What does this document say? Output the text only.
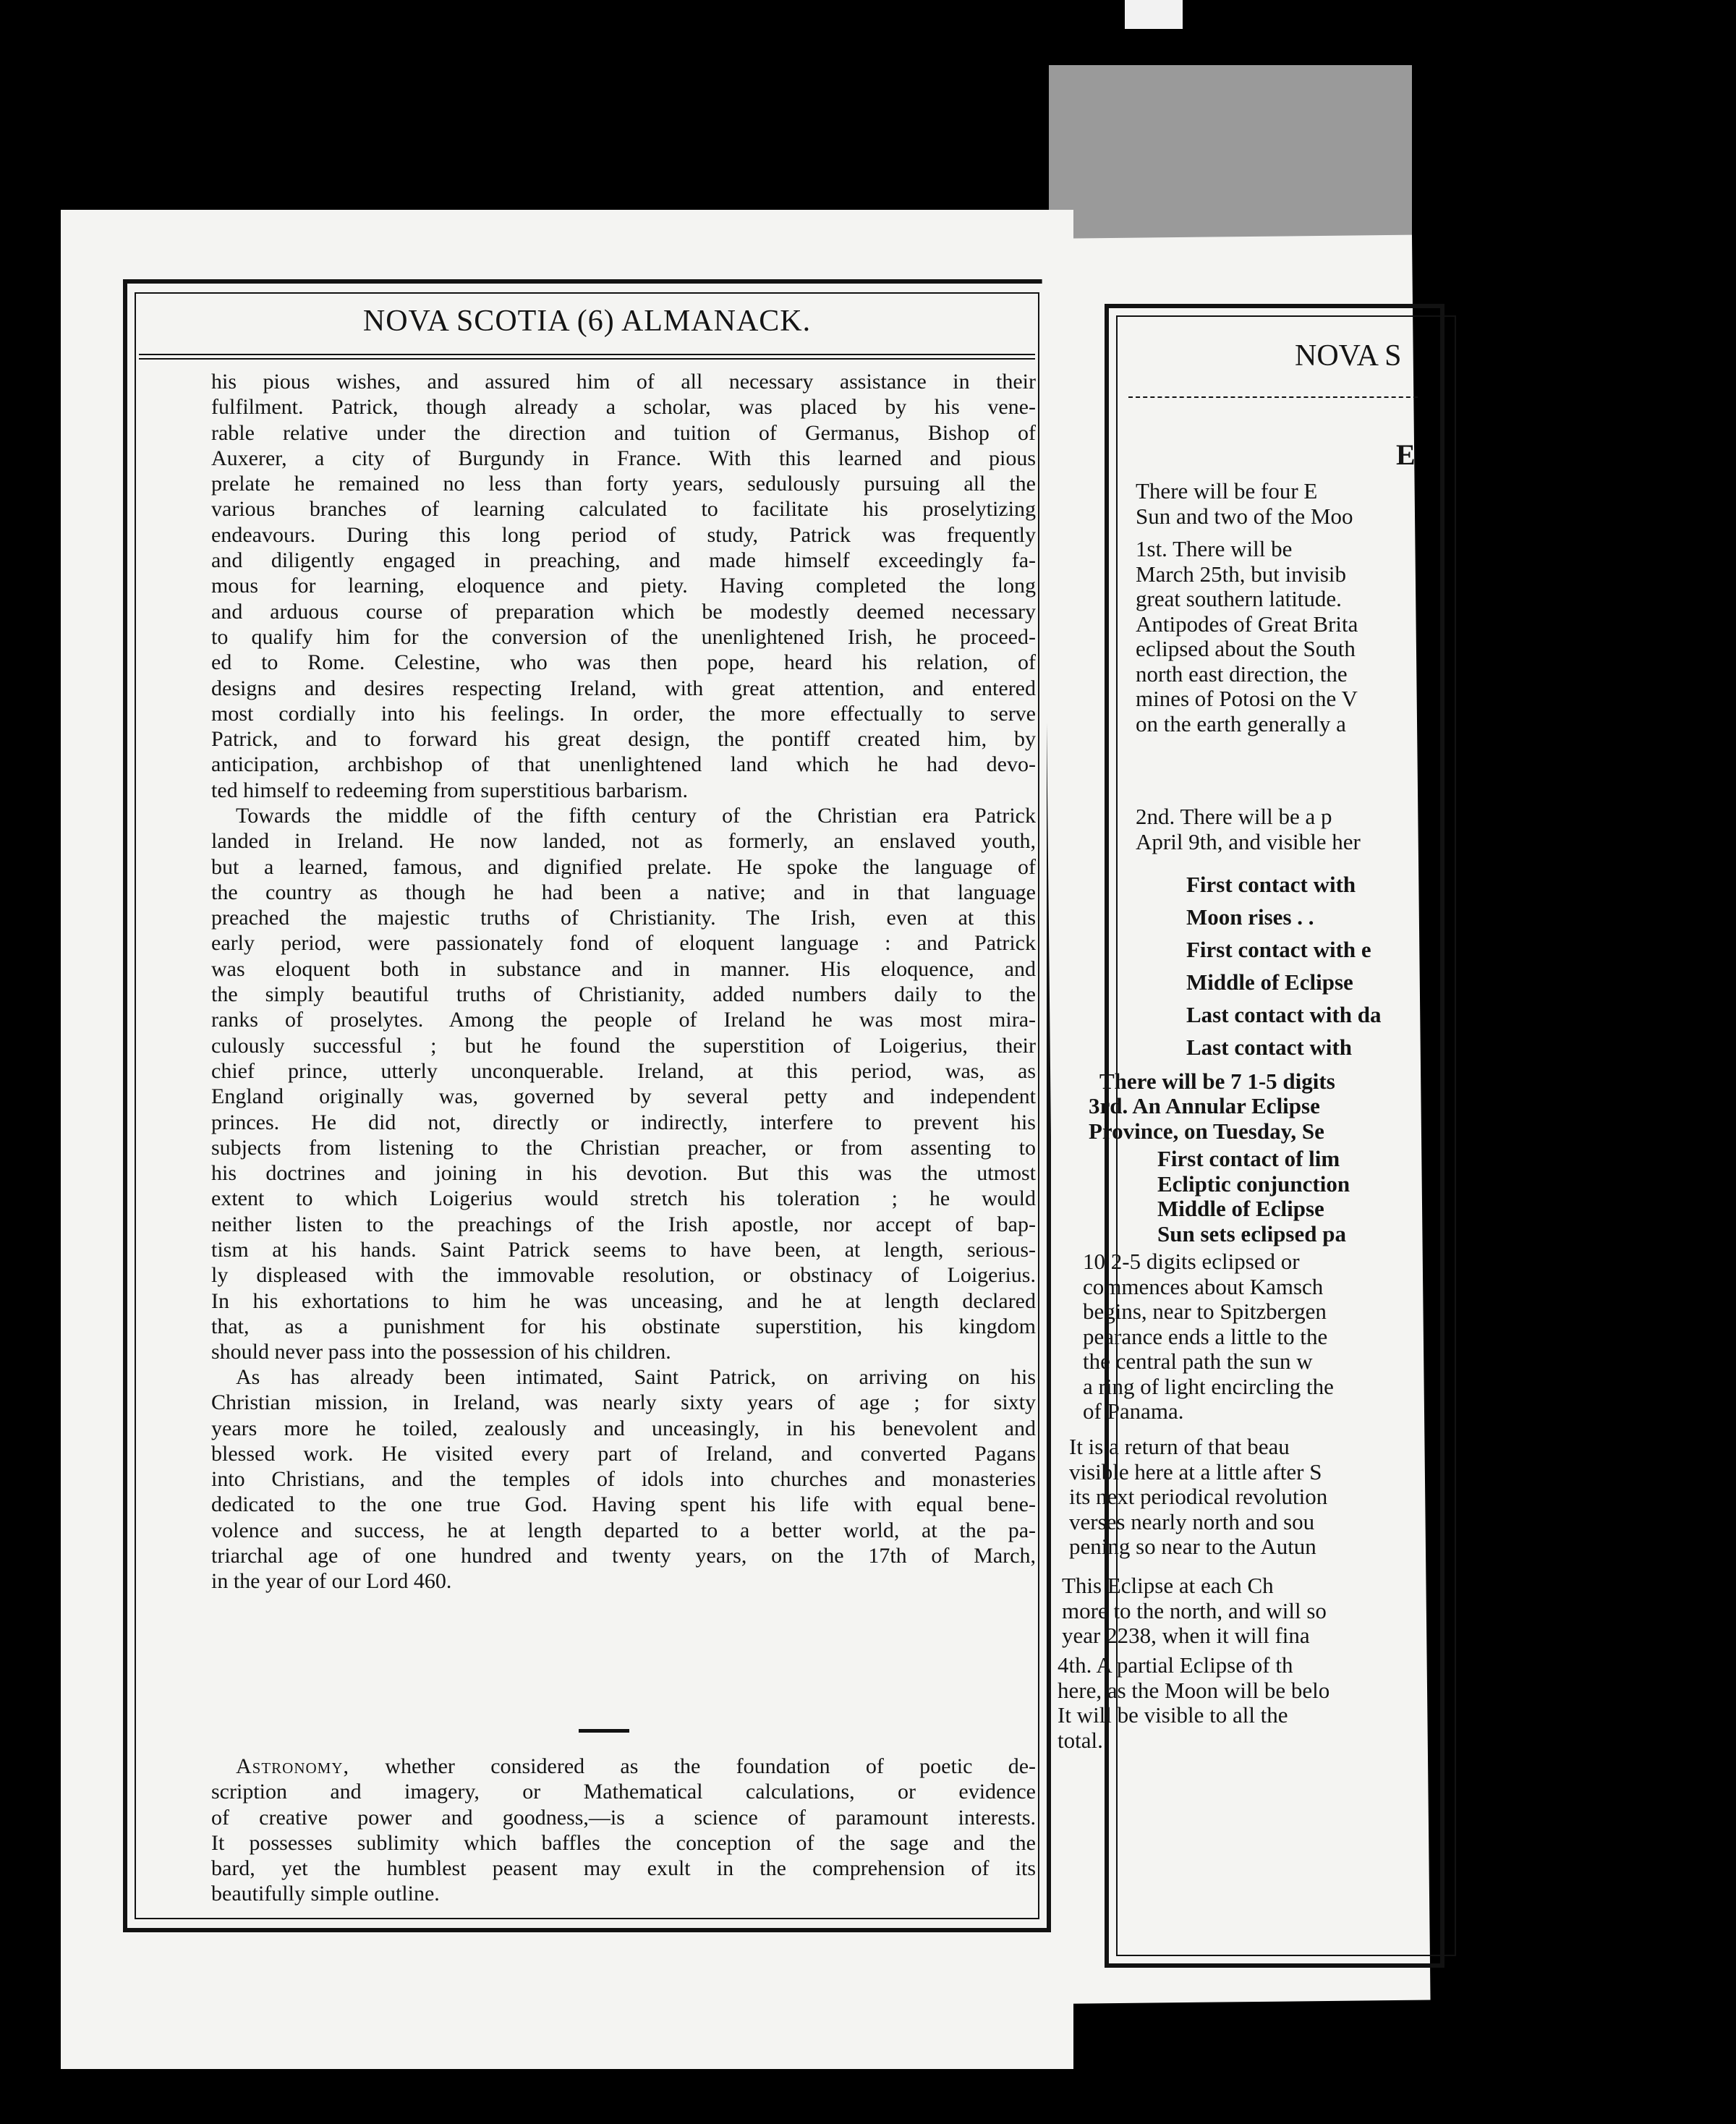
NOVA SCOTIA (6) ALMANACK.
his pious wishes, and assured him of all necessary assistance in their
fulfilment. Patrick, though already a scholar, was placed by his vene-
rable relative under the direction and tuition of Germanus, Bishop of
Auxerer, a city of Burgundy in France. With this learned and pious
prelate he remained no less than forty years, sedulously pursuing all the
various branches of learning calculated to facilitate his proselytizing
endeavours. During this long period of study, Patrick was frequently
and diligently engaged in preaching, and made himself exceedingly fa-
mous for learning, eloquence and piety. Having completed the long
and arduous course of preparation which be modestly deemed necessary
to qualify him for the conversion of the unenlightened Irish, he proceed-
ed to Rome. Celestine, who was then pope, heard his relation, of
designs and desires respecting Ireland, with great attention, and entered
most cordially into his feelings. In order, the more effectually to serve
Patrick, and to forward his great design, the pontiff created him, by
anticipation, archbishop of that unenlightened land which he had devo-
ted himself to redeeming from superstitious barbarism.
Towards the middle of the fifth century of the Christian era Patrick
landed in Ireland. He now landed, not as formerly, an enslaved youth,
but a learned, famous, and dignified prelate. He spoke the language of
the country as though he had been a native; and in that language
preached the majestic truths of Christianity. The Irish, even at this
early period, were passionately fond of eloquent language : and Patrick
was eloquent both in substance and in manner. His eloquence, and
the simply beautiful truths of Christianity, added numbers daily to the
ranks of proselytes. Among the people of Ireland he was most mira-
culously successful ; but he found the superstition of Loigerius, their
chief prince, utterly unconquerable. Ireland, at this period, was, as
England originally was, governed by several petty and independent
princes. He did not, directly or indirectly, interfere to prevent his
subjects from listening to the Christian preacher, or from assenting to
his doctrines and joining in his devotion. But this was the utmost
extent to which Loigerius would stretch his toleration ; he would
neither listen to the preachings of the Irish apostle, nor accept of bap-
tism at his hands. Saint Patrick seems to have been, at length, serious-
ly displeased with the immovable resolution, or obstinacy of Loigerius.
In his exhortations to him he was unceasing, and he at length declared
that, as a punishment for his obstinate superstition, his kingdom
should never pass into the possession of his children.
As has already been intimated, Saint Patrick, on arriving on his
Christian mission, in Ireland, was nearly sixty years of age ; for sixty
years more he toiled, zealously and unceasingly, in his benevolent and
blessed work. He visited every part of Ireland, and converted Pagans
into Christians, and the temples of idols into churches and monasteries
dedicated to the one true God. Having spent his life with equal bene-
volence and success, he at length departed to a better world, at the pa-
triarchal age of one hundred and twenty years, on the 17th of March,
in the year of our Lord 460.
Astronomy, whether considered as the foundation of poetic de-
scription and imagery, or Mathematical calculations, or evidence
of creative power and goodness,—is a science of paramount interests.
It possesses sublimity which baffles the conception of the sage and the
bard, yet the humblest peasent may exult in the comprehension of its
beautifully simple outline.
NOVA S
E
There will be four E
Sun and two of the Moo
1st. There will be
March 25th, but invisib
great southern latitude.
Antipodes of Great Brita
eclipsed about the South
north east direction, the
mines of Potosi on the V
on the earth generally a
2nd. There will be a p
April 9th, and visible her
First contact with
Moon rises . .
First contact with e
Middle of Eclipse
Last contact with da
Last contact with
There will be 7 1-5 digits
3rd. An Annular Eclipse
Province, on Tuesday, Se
First contact of lim
Ecliptic conjunction
Middle of Eclipse
Sun sets eclipsed pa
10 2-5 digits eclipsed or
commences about Kamsch
begins, near to Spitzbergen
pearance ends a little to the
the central path the sun w
a ring of light encircling the
of Panama.
It is a return of that beau
visible here at a little after S
its next periodical revolution
verses nearly north and sou
pening so near to the Autun
This Eclipse at each Ch
more to the north, and will so
year 2238, when it will fina
4th. A partial Eclipse of th
here, as the Moon will be belo
It will be visible to all the
total.
